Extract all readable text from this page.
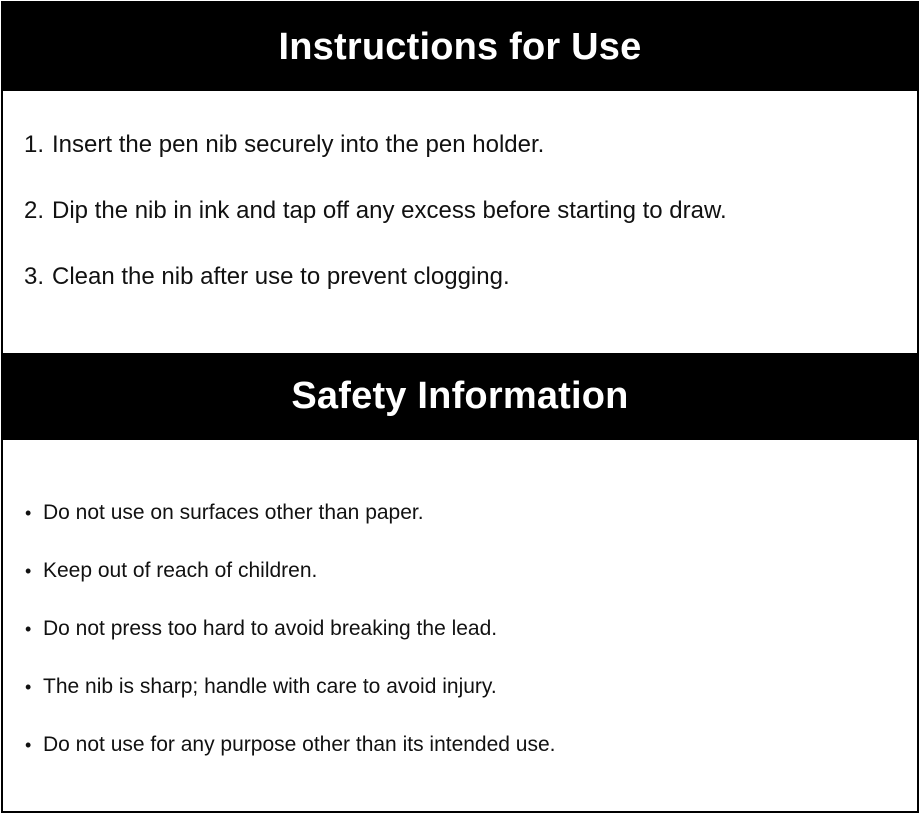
Instructions for Use
1. Insert the pen nib securely into the pen holder.
2. Dip the nib in ink and tap off any excess before starting to draw.
3. Clean the nib after use to prevent clogging.
Safety Information
• Do not use on surfaces other than paper.
• Keep out of reach of children.
• Do not press too hard to avoid breaking the lead.
• The nib is sharp; handle with care to avoid injury.
• Do not use for any purpose other than its intended use.
